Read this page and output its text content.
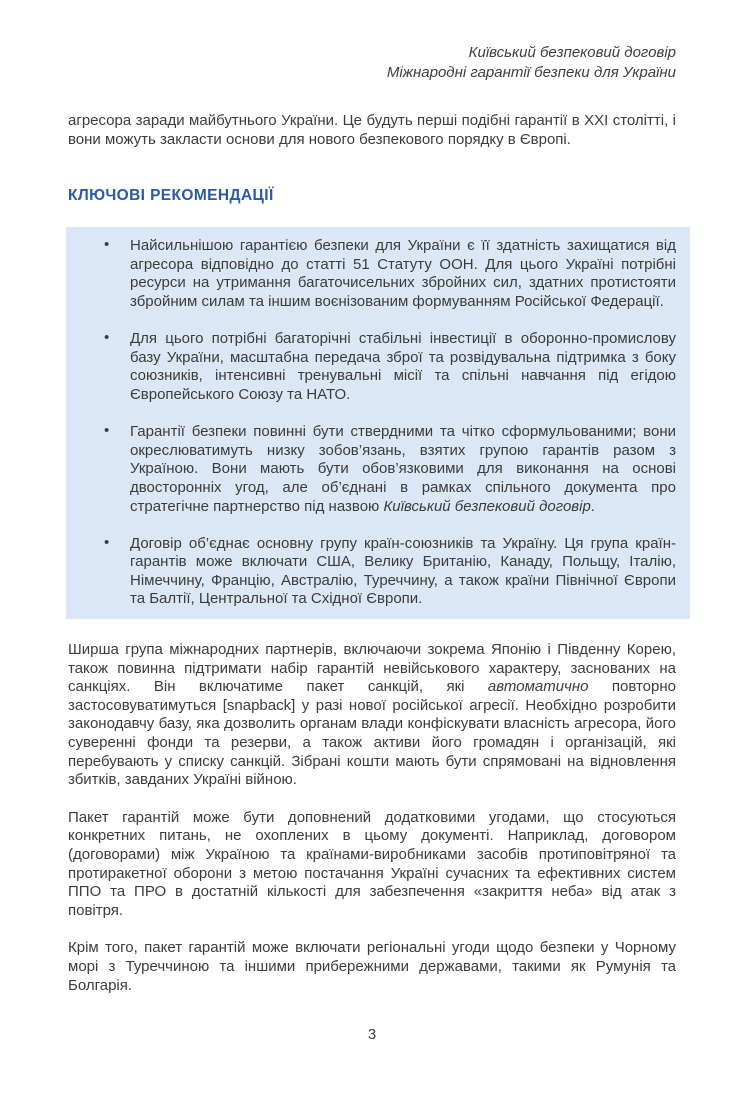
Київський безпековий договір
Міжнародні гарантії безпеки для України

агресора заради майбутнього України. Це будуть перші подібні гарантії в ХХІ столітті, і вони можуть закласти основи для нового безпекового порядку в Європі.

КЛЮЧОВІ РЕКОМЕНДАЦІЇ
• Найсильнішою гарантією безпеки для України є її здатність захищатися від агресора відповідно до статті 51 Статуту ООН. Для цього Україні потрібні ресурси на утримання багаточисельних збройних сил, здатних протистояти збройним силам та іншим воєнізованим формуванням Російської Федерації.
• Для цього потрібні багаторічні стабільні інвестиції в оборонно-промислову базу України, масштабна передача зброї та розвідувальна підтримка з боку союзників, інтенсивні тренувальні місії та спільні навчання під егідою Європейського Союзу та НАТО.
• Гарантії безпеки повинні бути ствердними та чітко сформульованими; вони окреслюватимуть низку зобов’язань, взятих групою гарантів разом з Україною. Вони мають бути обов’язковими для виконання на основі двосторонніх угод, але об’єднані в рамках спільного документа про стратегічне партнерство під назвою Київський безпековий договір.
• Договір об’єднає основну групу країн-союзників та Україну. Ця група країн-гарантів може включати США, Велику Британію, Канаду, Польщу, Італію, Німеччину, Францію, Австралію, Туреччину, а також країни Північної Європи та Балтії, Центральної та Східної Європи.

Ширша група міжнародних партнерів, включаючи зокрема Японію і Південну Корею, також повинна підтримати набір гарантій невійськового характеру, заснованих на санкціях. Він включатиме пакет санкцій, які автоматично повторно застосовуватимуться [snapback] у разі нової російської агресії. Необхідно розробити законодавчу базу, яка дозволить органам влади конфіскувати власність агресора, його суверенні фонди та резерви, а також активи його громадян і організацій, які перебувають у списку санкцій. Зібрані кошти мають бути спрямовані на відновлення збитків, завданих Україні війною.

Пакет гарантій може бути доповнений додатковими угодами, що стосуються конкретних питань, не охоплених в цьому документі. Наприклад, договором (договорами) між Україною та країнами-виробниками засобів протиповітряної та протиракетної оборони з метою постачання Україні сучасних та ефективних систем ППО та ПРО в достатній кількості для забезпечення «закриття неба» від атак з повітря.

Крім того, пакет гарантій може включати регіональні угоди щодо безпеки у Чорному морі з Туреччиною та іншими прибережними державами, такими як Румунія та Болгарія.

3
